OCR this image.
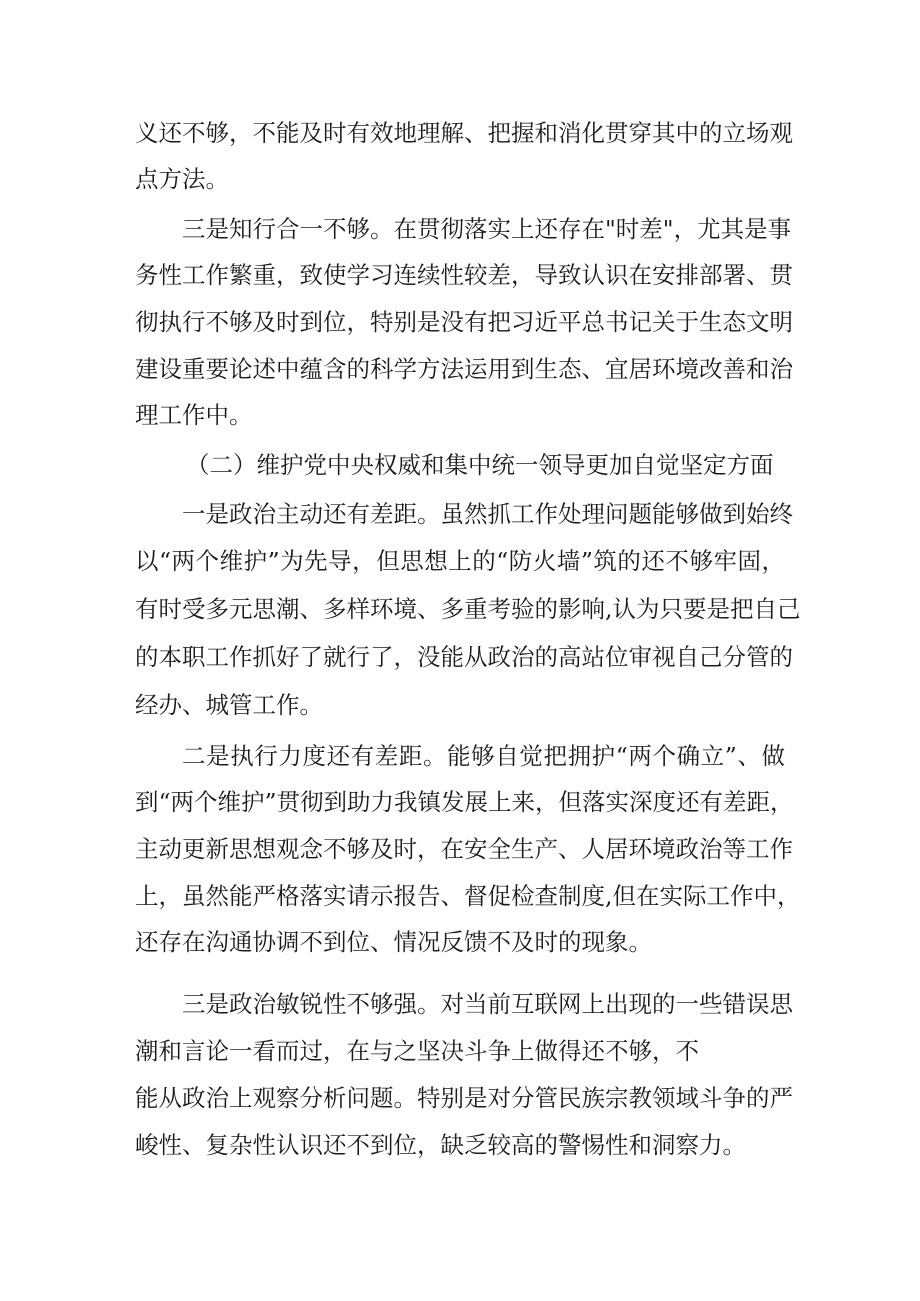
义还不够，不能及时有效地理解、把握和消化贯穿其中的立场观
点方法。
三是知行合一不够。在贯彻落实上还存在"时差"，尤其是事
务性工作繁重，致使学习连续性较差，导致认识在安排部署、贯
彻执行不够及时到位，特别是没有把习近平总书记关于生态文明
建设重要论述中蕴含的科学方法运用到生态、宜居环境改善和治
理工作中。
（二）维护党中央权威和集中统一领导更加自觉坚定方面
一是政治主动还有差距。虽然抓工作处理问题能够做到始终
以“两个维护”为先导，但思想上的“防火墙”筑的还不够牢固，
有时受多元思潮、多样环境、多重考验的影响,认为只要是把自己
的本职工作抓好了就行了，没能从政治的高站位审视自己分管的
经办、城管工作。
二是执行力度还有差距。能够自觉把拥护“两个确立”、做
到“两个维护”贯彻到助力我镇发展上来，但落实深度还有差距，
主动更新思想观念不够及时，在安全生产、人居环境政治等工作
上，虽然能严格落实请示报告、督促检查制度,但在实际工作中，
还存在沟通协调不到位、情况反馈不及时的现象。
三是政治敏锐性不够强。对当前互联网上出现的一些错误思
潮和言论一看而过，在与之坚决斗争上做得还不够，不
能从政治上观察分析问题。特别是对分管民族宗教领域斗争的严
峻性、复杂性认识还不到位，缺乏较高的警惕性和洞察力。
